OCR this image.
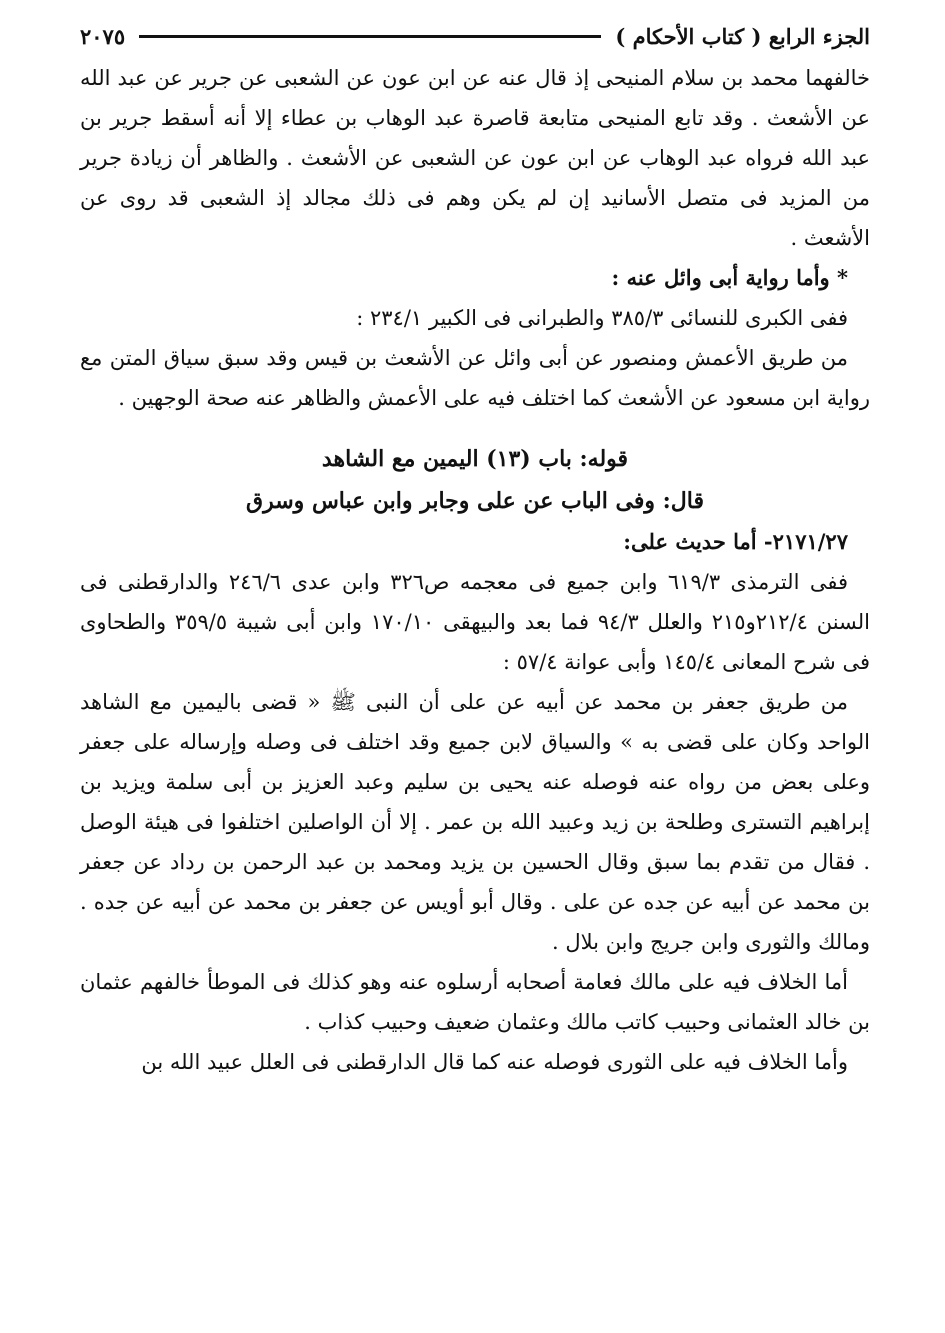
الجزء الرابع ( كتاب الأحكام )
٢٠٧٥

خالفهما محمد بن سلام المنيحى إذ قال عنه عن ابن عون عن الشعبى عن جرير عن عبد الله عن الأشعث . وقد تابع المنيحى متابعة قاصرة عبد الوهاب بن عطاء إلا أنه أسقط جرير بن عبد الله فرواه عبد الوهاب عن ابن عون عن الشعبى عن الأشعث . والظاهر أن زيادة جرير من المزيد فى متصل الأسانيد إن لم يكن وهم فى ذلك مجالد إذ الشعبى قد روى عن الأشعث .

* وأما رواية أبى وائل عنه :

ففى الكبرى للنسائى ٣٨٥/٣ والطبرانى فى الكبير ٢٣٤/١ :

من طريق الأعمش ومنصور عن أبى وائل عن الأشعث بن قيس وقد سبق سياق المتن مع رواية ابن مسعود عن الأشعث كما اختلف فيه على الأعمش والظاهر عنه صحة الوجهين .

قوله: باب (١٣) اليمين مع الشاهد

قال: وفى الباب عن على وجابر وابن عباس وسرق

٢١٧١/٢٧- أما حديث على:

ففى الترمذى ٦١٩/٣ وابن جميع فى معجمه ص٣٢٦ وابن عدى ٢٤٦/٦ والدارقطنى فى السنن ٢١٢/٤و٢١٥ والعلل ٩٤/٣ فما بعد والبيهقى ١٧٠/١٠ وابن أبى شيبة ٣٥٩/٥ والطحاوى فى شرح المعانى ١٤٥/٤ وأبى عوانة ٥٧/٤ :

من طريق جعفر بن محمد عن أبيه عن على أن النبى ﷺ « قضى باليمين مع الشاهد الواحد وكان على قضى به » والسياق لابن جميع وقد اختلف فى وصله وإرساله على جعفر وعلى بعض من رواه عنه فوصله عنه يحيى بن سليم وعبد العزيز بن أبى سلمة ويزيد بن إبراهيم التسترى وطلحة بن زيد وعبيد الله بن عمر . إلا أن الواصلين اختلفوا فى هيئة الوصل . فقال من تقدم بما سبق وقال الحسين بن يزيد ومحمد بن عبد الرحمن بن رداد عن جعفر بن محمد عن أبيه عن جده عن على . وقال أبو أويس عن جعفر بن محمد عن أبيه عن جده . ومالك والثورى وابن جريج وابن بلال .

أما الخلاف فيه على مالك فعامة أصحابه أرسلوه عنه وهو كذلك فى الموطأ خالفهم عثمان بن خالد العثمانى وحبيب كاتب مالك وعثمان ضعيف وحبيب كذاب .

وأما الخلاف فيه على الثورى فوصله عنه كما قال الدارقطنى فى العلل عبيد الله بن
